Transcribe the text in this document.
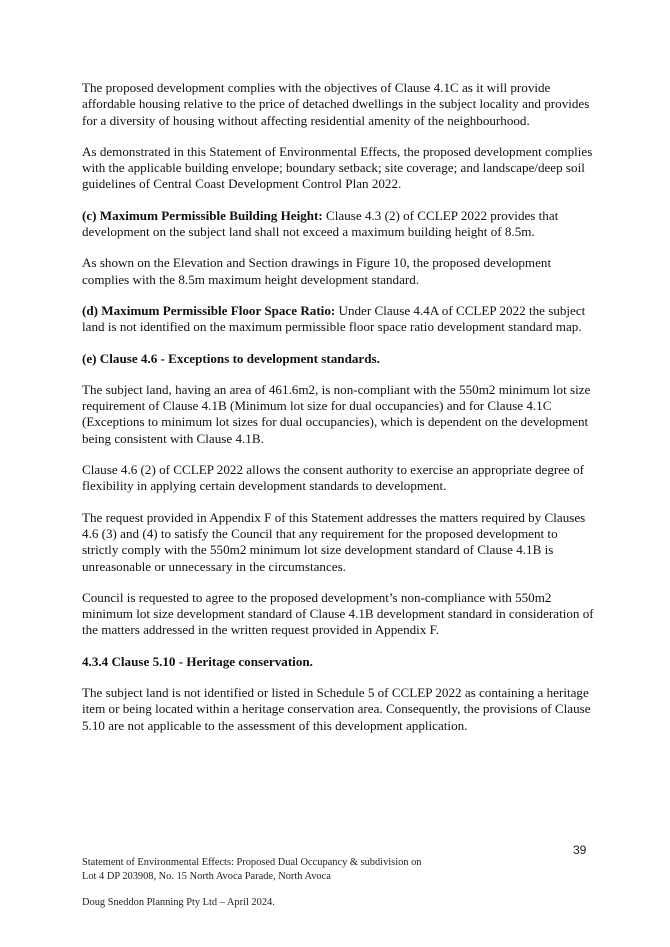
The proposed development complies with the objectives of Clause 4.1C as it will provide affordable housing relative to the price of detached dwellings in the subject locality and provides for a diversity of housing without affecting residential amenity of the neighbourhood.

As demonstrated in this Statement of Environmental Effects, the proposed development complies with the applicable building envelope; boundary setback; site coverage; and landscape/deep soil guidelines of Central Coast Development Control Plan 2022.

(c) Maximum Permissible Building Height: Clause 4.3 (2) of CCLEP 2022 provides that development on the subject land shall not exceed a maximum building height of 8.5m.

As shown on the Elevation and Section drawings in Figure 10, the proposed development complies with the 8.5m maximum height development standard.

(d) Maximum Permissible Floor Space Ratio: Under Clause 4.4A of CCLEP 2022 the subject land is not identified on the maximum permissible floor space ratio development standard map.

(e) Clause 4.6 - Exceptions to development standards.

The subject land, having an area of 461.6m2, is non-compliant with the 550m2 minimum lot size requirement of Clause 4.1B (Minimum lot size for dual occupancies) and for Clause 4.1C (Exceptions to minimum lot sizes for dual occupancies), which is dependent on the development being consistent with Clause 4.1B.

Clause 4.6 (2) of CCLEP 2022 allows the consent authority to exercise an appropriate degree of flexibility in applying certain development standards to development.

The request provided in Appendix F of this Statement addresses the matters required by Clauses 4.6 (3) and (4) to satisfy the Council that any requirement for the proposed development to strictly comply with the 550m2 minimum lot size development standard of Clause 4.1B is unreasonable or unnecessary in the circumstances.

Council is requested to agree to the proposed development’s non-compliance with 550m2 minimum lot size development standard of Clause 4.1B development standard in consideration of the matters addressed in the written request provided in Appendix F.

4.3.4 Clause 5.10 - Heritage conservation.

The subject land is not identified or listed in Schedule 5 of CCLEP 2022 as containing a heritage item or being located within a heritage conservation area. Consequently, the provisions of Clause 5.10 are not applicable to the assessment of this development application.

39

Statement of Environmental Effects: Proposed Dual Occupancy & subdivision on

Lot 4 DP 203908, No. 15 North Avoca Parade, North Avoca

Doug Sneddon Planning Pty Ltd – April 2024.
